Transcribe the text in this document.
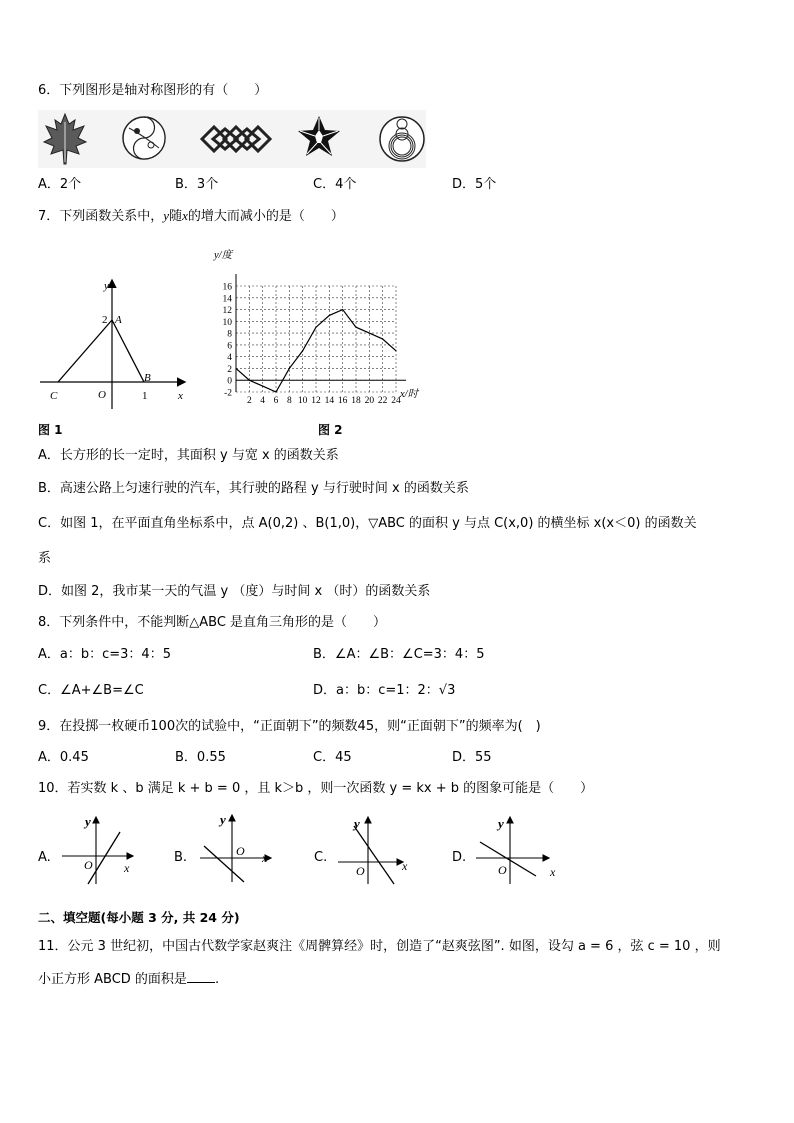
6．下列图形是轴对称图形的有（　　）
A．2个	B．3个	C．4个	D．5个
7．下列函数关系中，y随x的增大而减小的是（　　）
y
x
2 A
B
C	O	1
图 1
y/度
x/时
16
14
12
10
8
6
4
2
0
-2
2 4 6 8 10 12 14 16 18 20 22 24
图 2
A．长方形的长一定时，其面积 y 与宽 x 的函数关系
B．高速公路上匀速行驶的汽车，其行驶的路程 y 与行驶时间 x 的函数关系
C．如图 1，在平面直角坐标系中，点 A(0,2) 、B(1,0)，▽ABC 的面积 y 与点 C(x,0) 的横坐标 x(x＜0) 的函数关
系
D．如图 2，我市某一天的气温 y （度）与时间 x （时）的函数关系
8．下列条件中，不能判断△ABC 是直角三角形的是（　　）
A．a：b：c=3：4：5	B．∠A：∠B：∠C=3：4：5
C．∠A+∠B=∠C	D．a：b：c=1：2：√3
9．在投掷一枚硬币100次的试验中，“正面朝下”的频数45，则“正面朝下”的频率为(　)
A．0.45	B．0.55	C．45	D．55
10．若实数 k 、b 满足 k + b = 0 ，且 k＞b ，则一次函数 y = kx + b 的图象可能是（　　）
A.	B.	C.	D.
y
x
O
y
x
O
y
x
O
y
x
O
二、填空题(每小题 3 分, 共 24 分)
11．公元 3 世纪初，中国古代数学家赵爽注《周髀算经》时，创造了“赵爽弦图”. 如图，设勾 a = 6 ，弦 c = 10 ，则
小正方形 ABCD 的面积是 .
